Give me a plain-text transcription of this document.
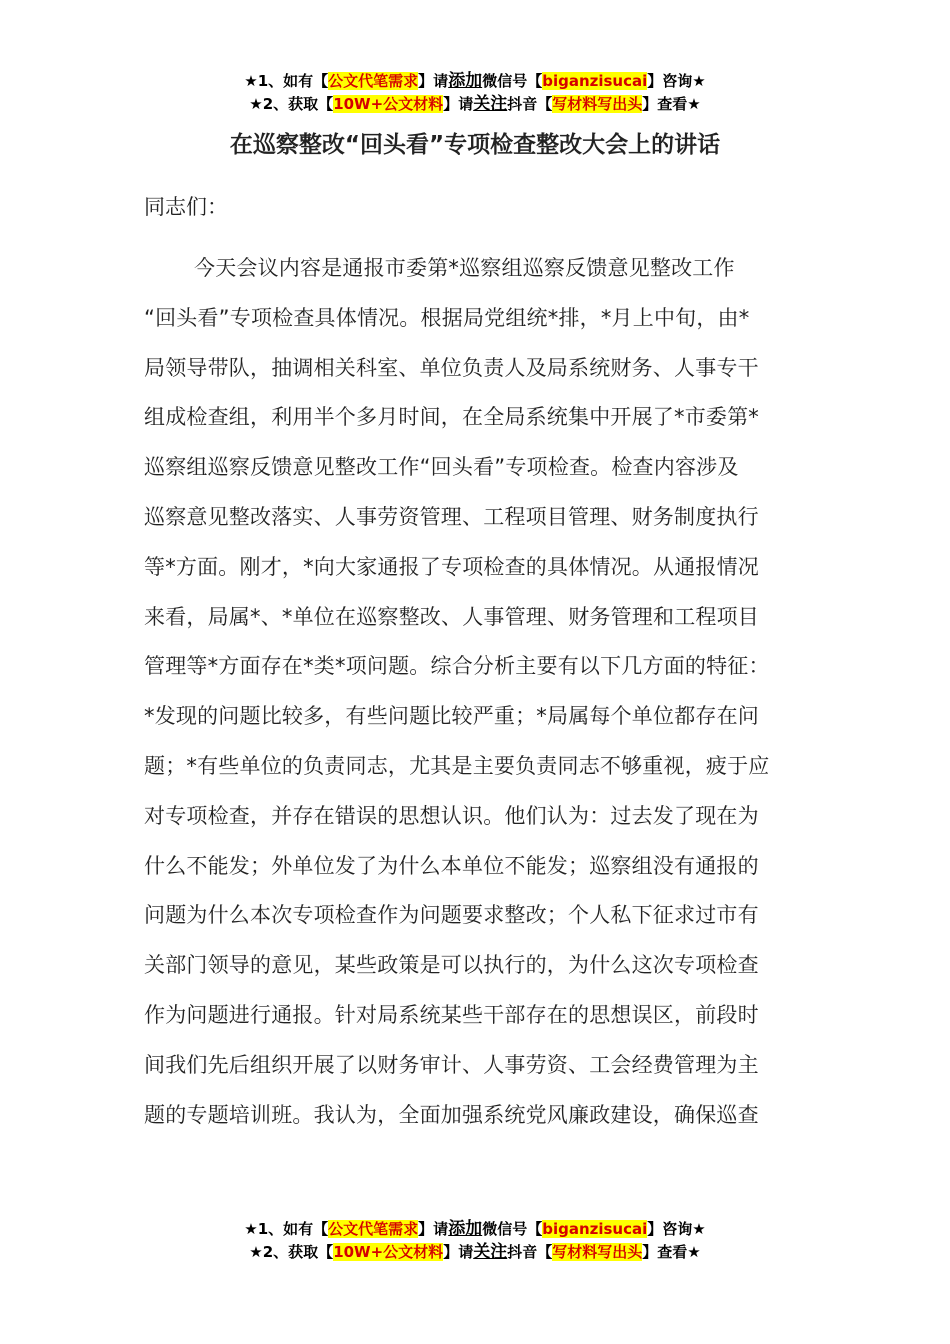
★1、如有【公文代笔需求】请添加微信号【biganzisucai】咨询★
★2、获取【10W+公文材料】请关注抖音【写材料写出头】查看★
在巡察整改“回头看”专项检查整改大会上的讲话
同志们：
今天会议内容是通报市委第*巡察组巡察反馈意见整改工作
“回头看”专项检查具体情况。根据局党组统*排，*月上中旬，由*
局领导带队，抽调相关科室、单位负责人及局系统财务、人事专干
组成检查组，利用半个多月时间，在全局系统集中开展了*市委第*
巡察组巡察反馈意见整改工作“回头看”专项检查。检查内容涉及
巡察意见整改落实、人事劳资管理、工程项目管理、财务制度执行
等*方面。刚才，*向大家通报了专项检查的具体情况。从通报情况
来看，局属*、*单位在巡察整改、人事管理、财务管理和工程项目
管理等*方面存在*类*项问题。综合分析主要有以下几方面的特征：
*发现的问题比较多，有些问题比较严重；*局属每个单位都存在问
题；*有些单位的负责同志，尤其是主要负责同志不够重视，疲于应
对专项检查，并存在错误的思想认识。他们认为：过去发了现在为
什么不能发；外单位发了为什么本单位不能发；巡察组没有通报的
问题为什么本次专项检查作为问题要求整改；个人私下征求过市有
关部门领导的意见，某些政策是可以执行的，为什么这次专项检查
作为问题进行通报。针对局系统某些干部存在的思想误区，前段时
间我们先后组织开展了以财务审计、人事劳资、工会经费管理为主
题的专题培训班。我认为，全面加强系统党风廉政建设，确保巡查
★1、如有【公文代笔需求】请添加微信号【biganzisucai】咨询★
★2、获取【10W+公文材料】请关注抖音【写材料写出头】查看★
